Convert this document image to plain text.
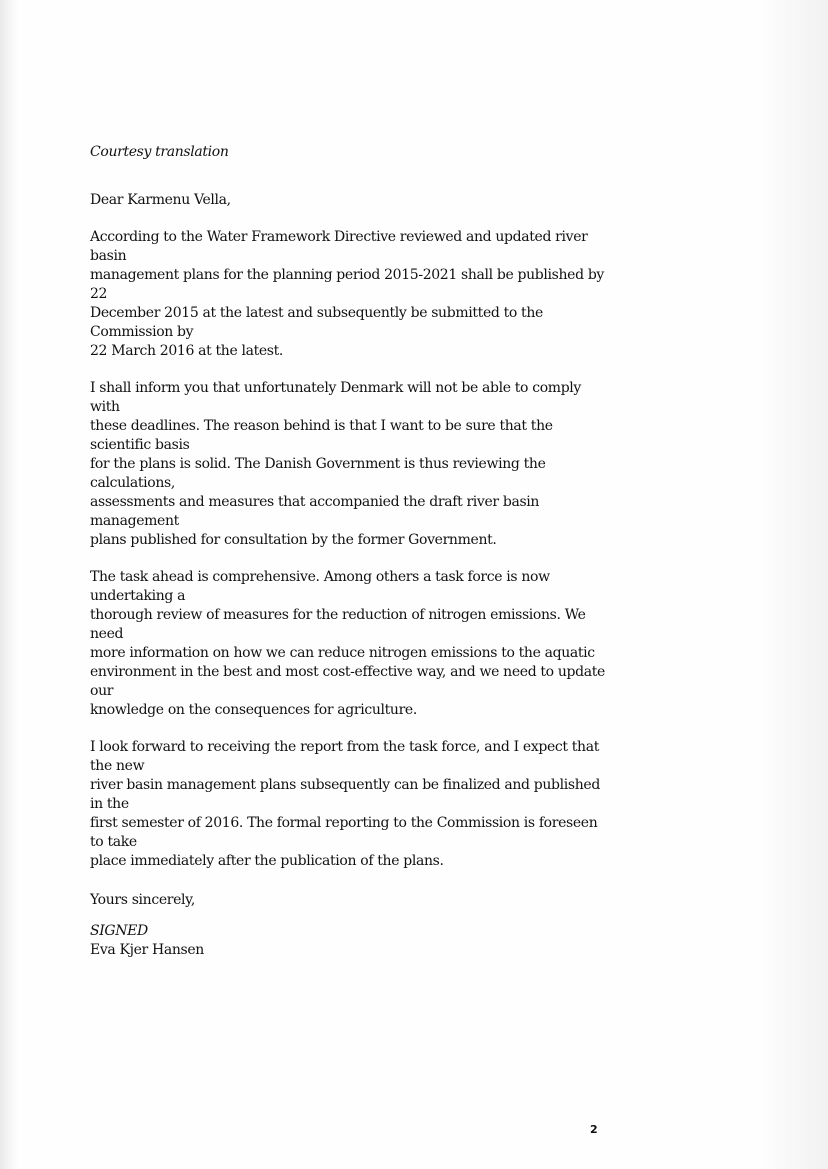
Courtesy translation

Dear Karmenu Vella,

According to the Water Framework Directive reviewed and updated river basin
management plans for the planning period 2015-2021 shall be published by 22
December 2015 at the latest and subsequently be submitted to the Commission by
22 March 2016 at the latest.

I shall inform you that unfortunately Denmark will not be able to comply with
these deadlines. The reason behind is that I want to be sure that the scientific basis
for the plans is solid. The Danish Government is thus reviewing the calculations,
assessments and measures that accompanied the draft river basin management
plans published for consultation by the former Government.

The task ahead is comprehensive. Among others a task force is now undertaking a
thorough review of measures for the reduction of nitrogen emissions. We need
more information on how we can reduce nitrogen emissions to the aquatic
environment in the best and most cost-effective way, and we need to update our
knowledge on the consequences for agriculture.

I look forward to receiving the report from the task force, and I expect that the new
river basin management plans subsequently can be finalized and published in the
first semester of 2016. The formal reporting to the Commission is foreseen to take
place immediately after the publication of the plans.

Yours sincerely,

SIGNED

Eva Kjer Hansen

2
